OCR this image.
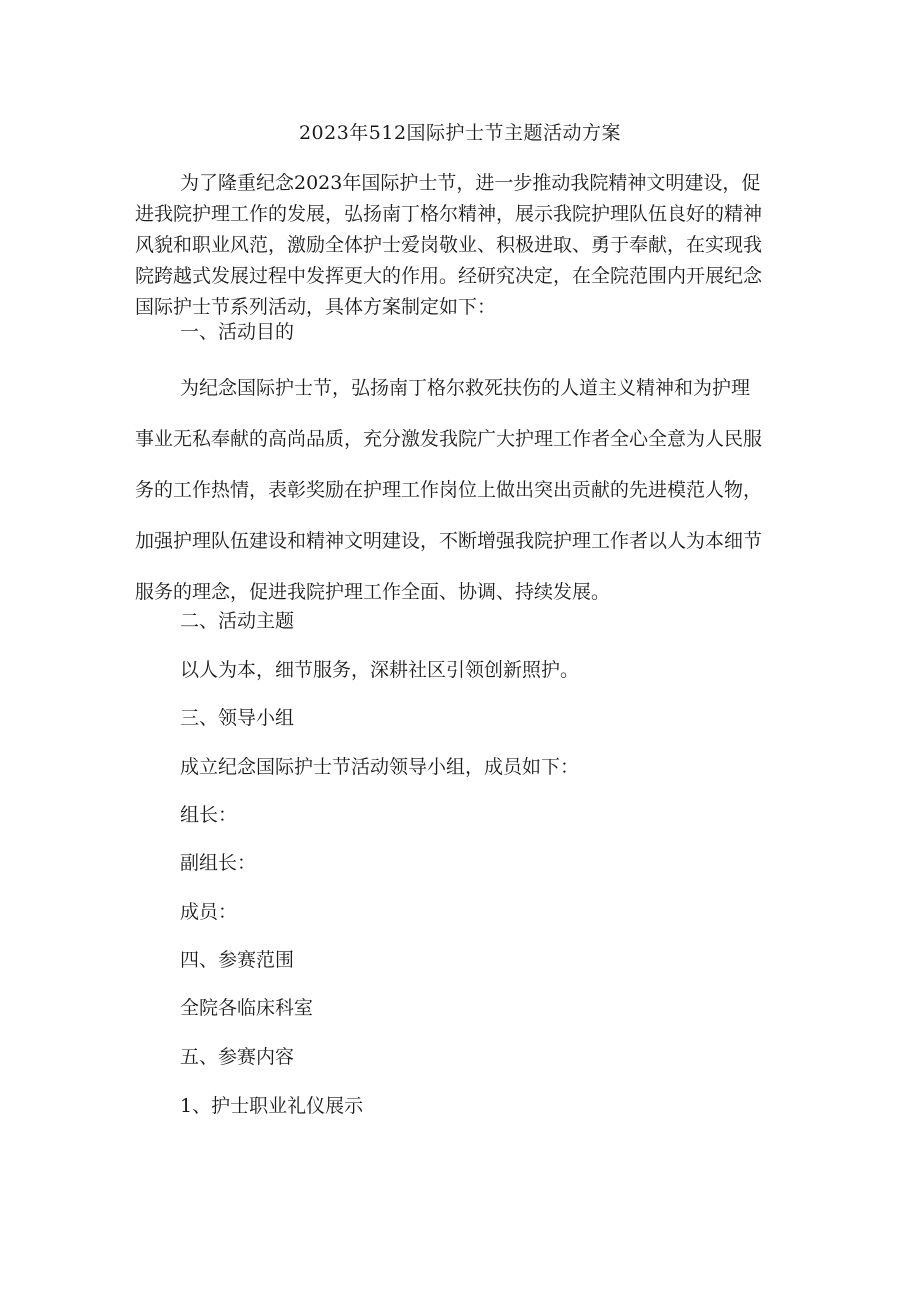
2023年512国际护士节主题活动方案
为了隆重纪念2023年国际护士节，进一步推动我院精神文明建设，促
进我院护理工作的发展，弘扬南丁格尔精神，展示我院护理队伍良好的精神
风貌和职业风范，激励全体护士爱岗敬业、积极进取、勇于奉献，在实现我
院跨越式发展过程中发挥更大的作用。经研究决定，在全院范围内开展纪念
国际护士节系列活动，具体方案制定如下：
一、活动目的
为纪念国际护士节，弘扬南丁格尔救死扶伤的人道主义精神和为护理
事业无私奉献的高尚品质，充分激发我院广大护理工作者全心全意为人民服
务的工作热情，表彰奖励在护理工作岗位上做出突出贡献的先进模范人物，
加强护理队伍建设和精神文明建设，不断增强我院护理工作者以人为本细节
服务的理念，促进我院护理工作全面、协调、持续发展。
二、活动主题
以人为本，细节服务，深耕社区引领创新照护。
三、领导小组
成立纪念国际护士节活动领导小组，成员如下：
组长：
副组长：
成员：
四、参赛范围
全院各临床科室
五、参赛内容
1、护士职业礼仪展示
